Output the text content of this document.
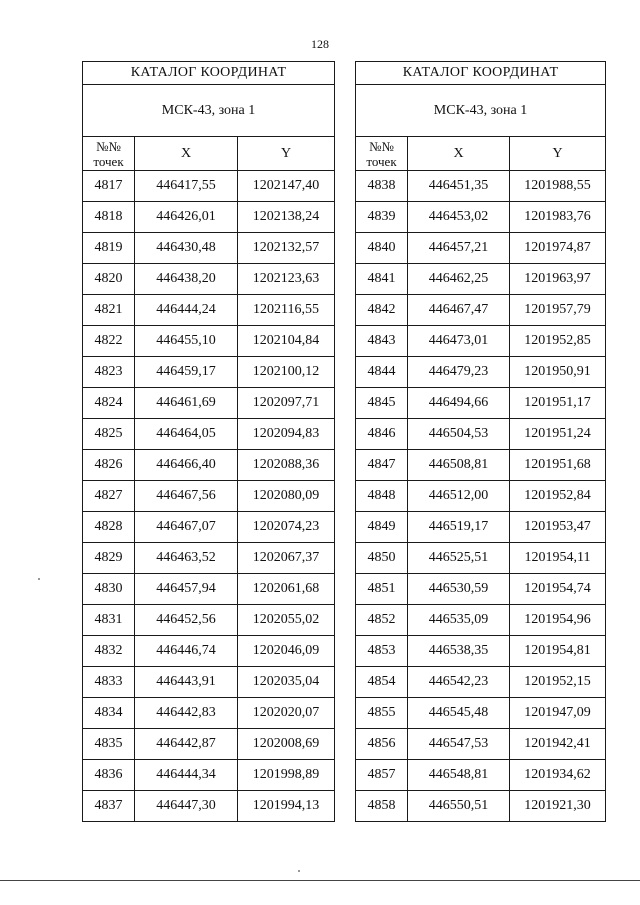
128
КАТАЛОГ КООРДИНАТ		
МСК-43, зона 1		
№№ точек	X	Y
4817	446417,55	1202147,40
4818	446426,01	1202138,24
4819	446430,48	1202132,57
4820	446438,20	1202123,63
4821	446444,24	1202116,55
4822	446455,10	1202104,84
4823	446459,17	1202100,12
4824	446461,69	1202097,71
4825	446464,05	1202094,83
4826	446466,40	1202088,36
4827	446467,56	1202080,09
4828	446467,07	1202074,23
4829	446463,52	1202067,37
4830	446457,94	1202061,68
4831	446452,56	1202055,02
4832	446446,74	1202046,09
4833	446443,91	1202035,04
4834	446442,83	1202020,07
4835	446442,87	1202008,69
4836	446444,34	1201998,89
4837	446447,30	1201994,13
КАТАЛОГ КООРДИНАТ		
МСК-43, зона 1		
№№ точек	X	Y
4838	446451,35	1201988,55
4839	446453,02	1201983,76
4840	446457,21	1201974,87
4841	446462,25	1201963,97
4842	446467,47	1201957,79
4843	446473,01	1201952,85
4844	446479,23	1201950,91
4845	446494,66	1201951,17
4846	446504,53	1201951,24
4847	446508,81	1201951,68
4848	446512,00	1201952,84
4849	446519,17	1201953,47
4850	446525,51	1201954,11
4851	446530,59	1201954,74
4852	446535,09	1201954,96
4853	446538,35	1201954,81
4854	446542,23	1201952,15
4855	446545,48	1201947,09
4856	446547,53	1201942,41
4857	446548,81	1201934,62
4858	446550,51	1201921,30
